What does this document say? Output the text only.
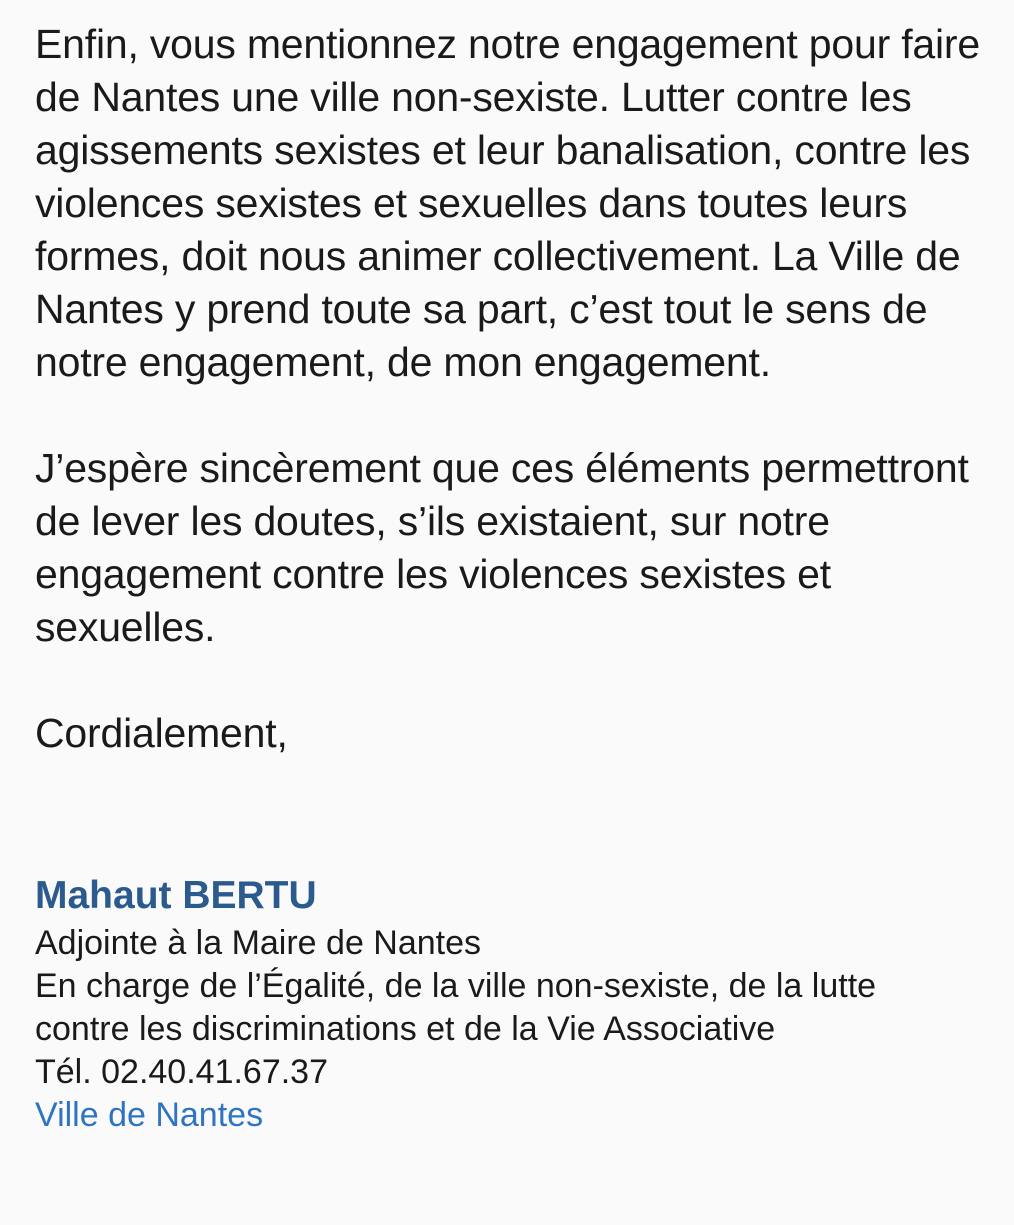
Enfin, vous mentionnez notre engagement pour faire de Nantes une ville non-sexiste. Lutter contre les agissements sexistes et leur banalisation, contre les violences sexistes et sexuelles dans toutes leurs formes, doit nous animer collectivement. La Ville de Nantes y prend toute sa part, c’est tout le sens de notre engagement, de mon engagement.

J’espère sincèrement que ces éléments permettront de lever les doutes, s’ils existaient, sur notre engagement contre les violences sexistes et sexuelles.

Cordialement,

Mahaut BERTU

Adjointe à la Maire de Nantes

En charge de l’Égalité, de la ville non-sexiste, de la lutte

contre les discriminations et de la Vie Associative

Tél. 02.40.41.67.37

Ville de Nantes
